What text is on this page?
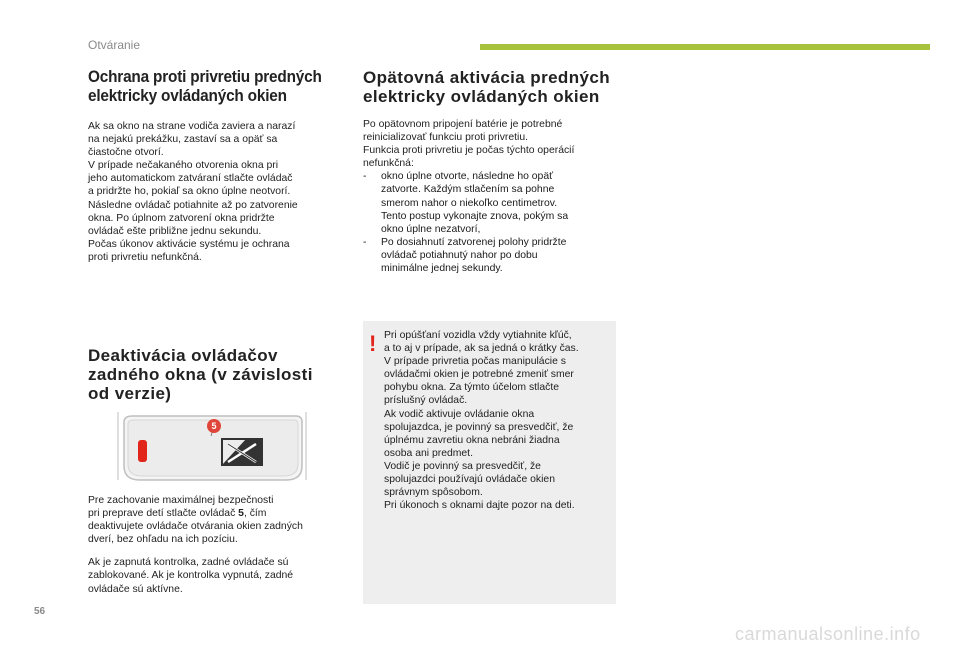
Otváranie
Ochrana proti privretiu predných
elektricky ovládaných okien

Ak sa okno na strane vodiča zaviera a narazí

na nejakú prekážku, zastaví sa a opäť sa

čiastočne otvorí.

V prípade nečakaného otvorenia okna pri

jeho automatickom zatváraní stlačte ovládač

a pridržte ho, pokiaľ sa okno úplne neotvorí.

Následne ovládač potiahnite až po zatvorenie

okna. Po úplnom zatvorení okna pridržte

ovládač ešte približne jednu sekundu.

Počas úkonov aktivácie systému je ochrana

proti privretiu nefunkčná.

Deaktivácia ovládačov
zadného okna (v závislosti
od verzie)
5

Pre zachovanie maximálnej bezpečnosti

pri preprave detí stlačte ovládač 5, čím

deaktivujete ovládače otvárania okien zadných

dverí, bez ohľadu na ich pozíciu.

Ak je zapnutá kontrolka, zadné ovládače sú

zablokované. Ak je kontrolka vypnutá, zadné

ovládače sú aktívne.

Opätovná aktivácia predných
elektricky ovládaných okien

Po opätovnom pripojení batérie je potrebné

reinicializovať funkciu proti privretiu.

Funkcia proti privretiu je počas týchto operácií

nefunkčná:

- okno úplne otvorte, následne ho opäť
zatvorte. Každým stlačením sa pohne
smerom nahor o niekoľko centimetrov.
Tento postup vykonajte znova, pokým sa
okno úplne nezatvorí,
- Po dosiahnutí zatvorenej polohy pridržte
ovládač potiahnutý nahor po dobu
minimálne jednej sekundy.
! Pri opúšťaní vozidla vždy vytiahnite kľúč,

a to aj v prípade, ak sa jedná o krátky čas.

V prípade privretia počas manipulácie s

ovládačmi okien je potrebné zmeniť smer

pohybu okna. Za týmto účelom stlačte

príslušný ovládač.

Ak vodič aktivuje ovládanie okna

spolujazdca, je povinný sa presvedčiť, že

úplnému zavretiu okna nebráni žiadna

osoba ani predmet.

Vodič je povinný sa presvedčiť, že

spolujazdci používajú ovládače okien

správnym spôsobom.

Pri úkonoch s oknami dajte pozor na deti.

56
carmanualsonline.info
